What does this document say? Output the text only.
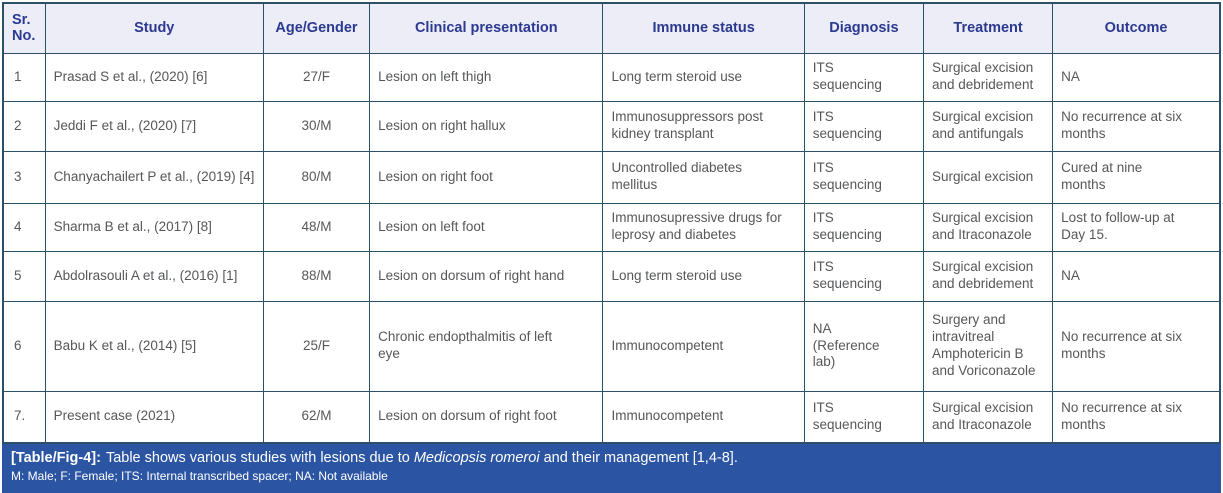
Sr. No.	Study	Age/Gender	Clinical presentation	Immune status	Diagnosis	Treatment	Outcome
1	Prasad S et al., (2020) [6]	27/F	Lesion on left thigh	Long term steroid use	ITS sequencing	Surgical excision and debridement	NA
2	Jeddi F et al., (2020) [7]	30/M	Lesion on right hallux	Immunosuppressors post kidney transplant	ITS sequencing	Surgical excision and antifungals	No recurrence at six months
3	Chanyachailert P et al., (2019) [4]	80/M	Lesion on right foot	Uncontrolled diabetes mellitus	ITS sequencing	Surgical excision	Cured at nine months
4	Sharma B et al., (2017) [8]	48/M	Lesion on left foot	Immunosupressive drugs for leprosy and diabetes	ITS sequencing	Surgical excision and Itraconazole	Lost to follow-up at Day 15.
5	Abdolrasouli A et al., (2016) [1]	88/M	Lesion on dorsum of right hand	Long term steroid use	ITS sequencing	Surgical excision and debridement	NA
6	Babu K et al., (2014) [5]	25/F	Chronic endopthalmitis of left eye	Immunocompetent	NA (Reference lab)	Surgery and intravitreal Amphotericin B and Voriconazole	No recurrence at six months
7.	Present case (2021)	62/M	Lesion on dorsum of right foot	Immunocompetent	ITS sequencing	Surgical excision and Itraconazole	No recurrence at six months
[Table/Fig-4]: Table shows various studies with lesions due to Medicopsis romeroi and their management [1,4-8].
M: Male; F: Female; ITS: Internal transcribed spacer; NA: Not available
